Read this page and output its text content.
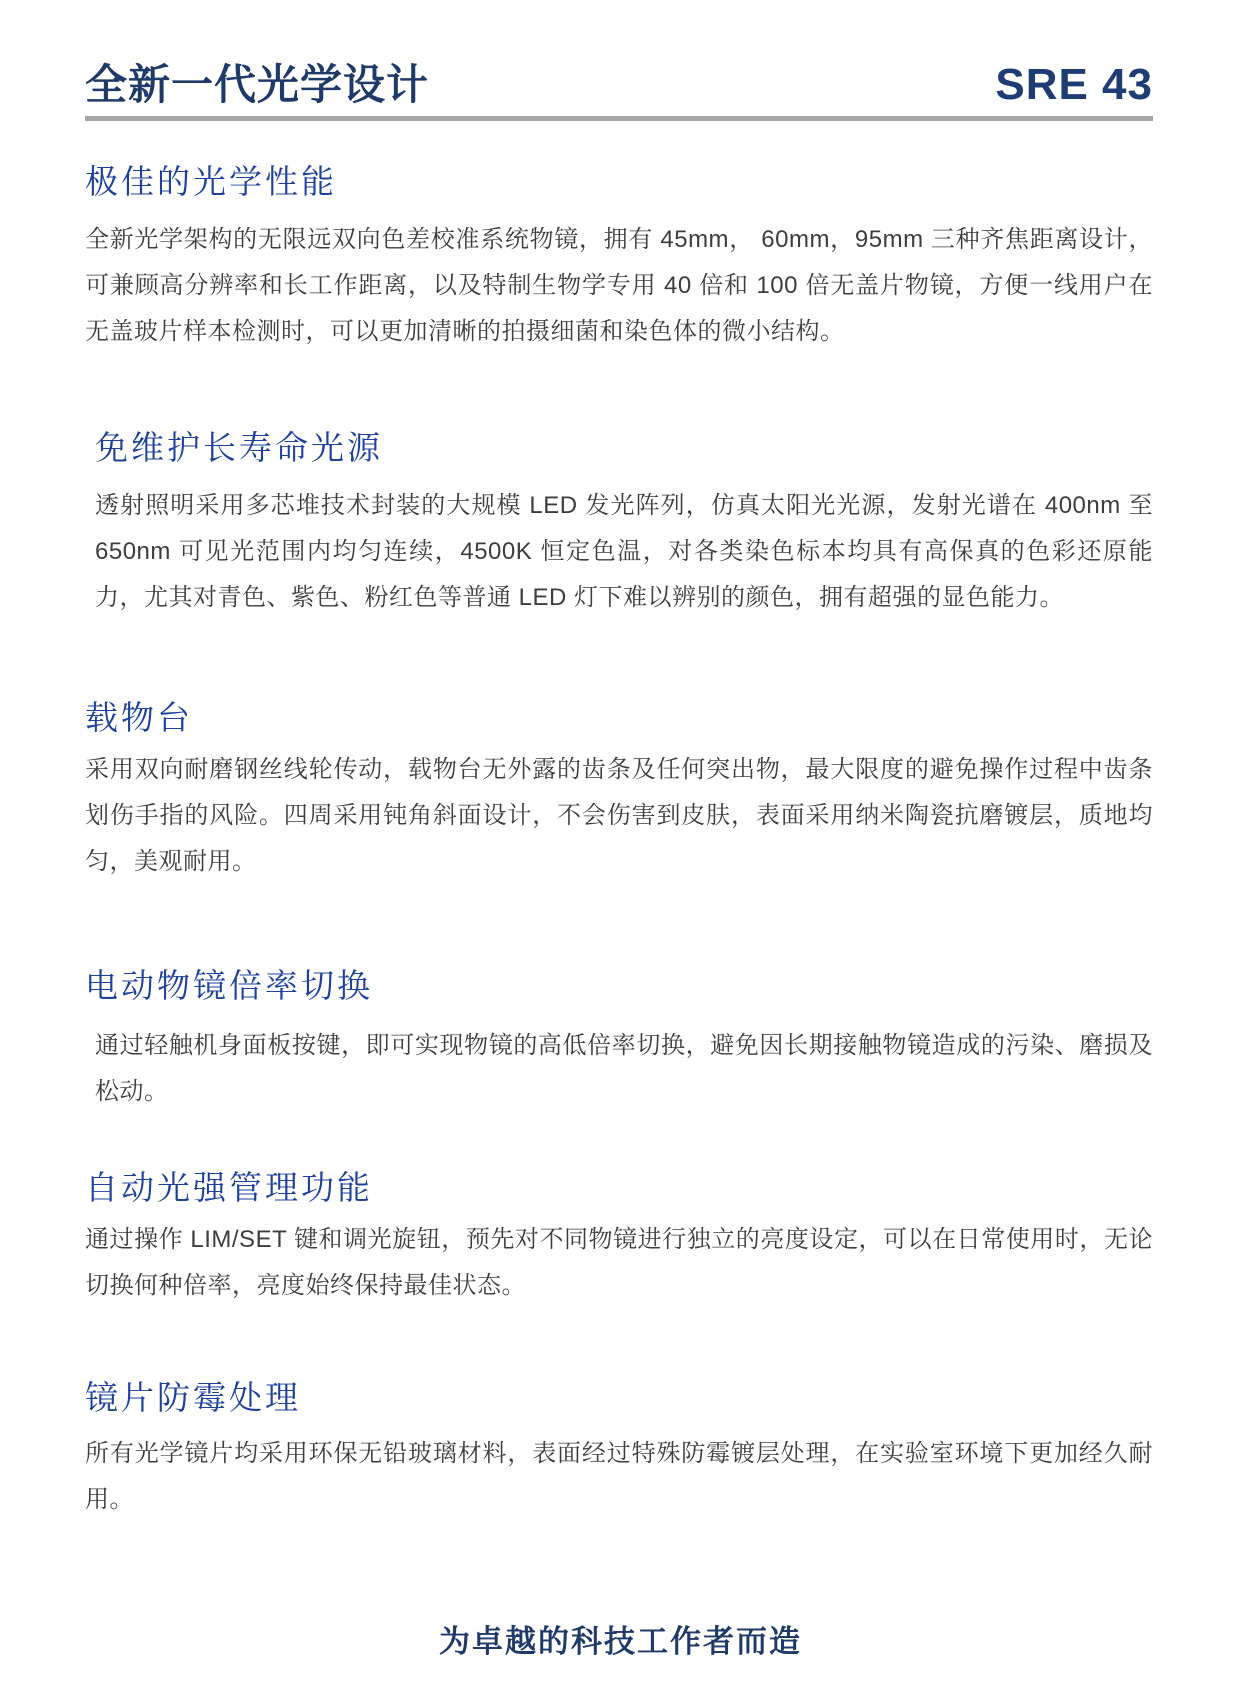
全新一代光学设计	SRE 43
极佳的光学性能

全新光学架构的无限远双向色差校准系统物镜，拥有 45mm， 60mm，95mm 三种齐焦距离设计，可兼顾高分辨率和长工作距离，以及特制生物学专用 40 倍和 100 倍无盖片物镜，方便一线用户在无盖玻片样本检测时，可以更加清晰的拍摄细菌和染色体的微小结构。

免维护长寿命光源

透射照明采用多芯堆技术封装的大规模 LED 发光阵列，仿真太阳光光源，发射光谱在 400nm 至 650nm 可见光范围内均匀连续，4500K 恒定色温，对各类染色标本均具有高保真的色彩还原能力，尤其对青色、紫色、粉红色等普通 LED 灯下难以辨别的颜色，拥有超强的显色能力。

载物台

采用双向耐磨钢丝线轮传动，载物台无外露的齿条及任何突出物，最大限度的避免操作过程中齿条划伤手指的风险。四周采用钝角斜面设计，不会伤害到皮肤，表面采用纳米陶瓷抗磨镀层，质地均匀，美观耐用。

电动物镜倍率切换

通过轻触机身面板按键，即可实现物镜的高低倍率切换，避免因长期接触物镜造成的污染、磨损及松动。

自动光强管理功能

通过操作 LIM/SET 键和调光旋钮，预先对不同物镜进行独立的亮度设定，可以在日常使用时，无论切换何种倍率，亮度始终保持最佳状态。

镜片防霉处理

所有光学镜片均采用环保无铅玻璃材料，表面经过特殊防霉镀层处理，在实验室环境下更加经久耐用。

为卓越的科技工作者而造
